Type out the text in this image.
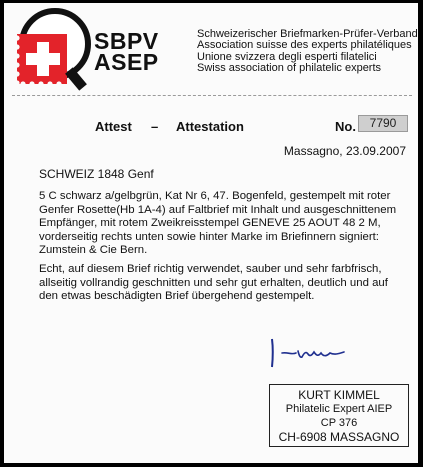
SBPV
ASEP
Schweizerischer Briefmarken-Prüfer-Verband
Association suisse des experts philatéliques
Unione svizzera degli esperti filatelici
Swiss association of philatelic experts
Attest – Attestation	No.	7790
Massagno, 23.09.2007
SCHWEIZ 1848 Genf
5 C schwarz a/gelbgrün, Kat Nr 6, 47. Bogenfeld, gestempelt mit roter Genfer Rosette(Hb 1A-4) auf Faltbrief mit Inhalt und ausgeschnittenem Empfänger, mit rotem Zweikreisstempel GENEVE 25 AOUT 48 2 M, vorderseitig rechts unten sowie hinter Marke im Briefinnern signiert: Zumstein & Cie Bern.
Echt, auf diesem Brief richtig verwendet, sauber und sehr farbfrisch, allseitig vollrandig geschnitten und sehr gut erhalten, deutlich und auf den etwas beschädigten Brief übergehend gestempelt.
KURT KIMMEL
Philatelic Expert AIEP
CP 376
CH-6908 MASSAGNO
